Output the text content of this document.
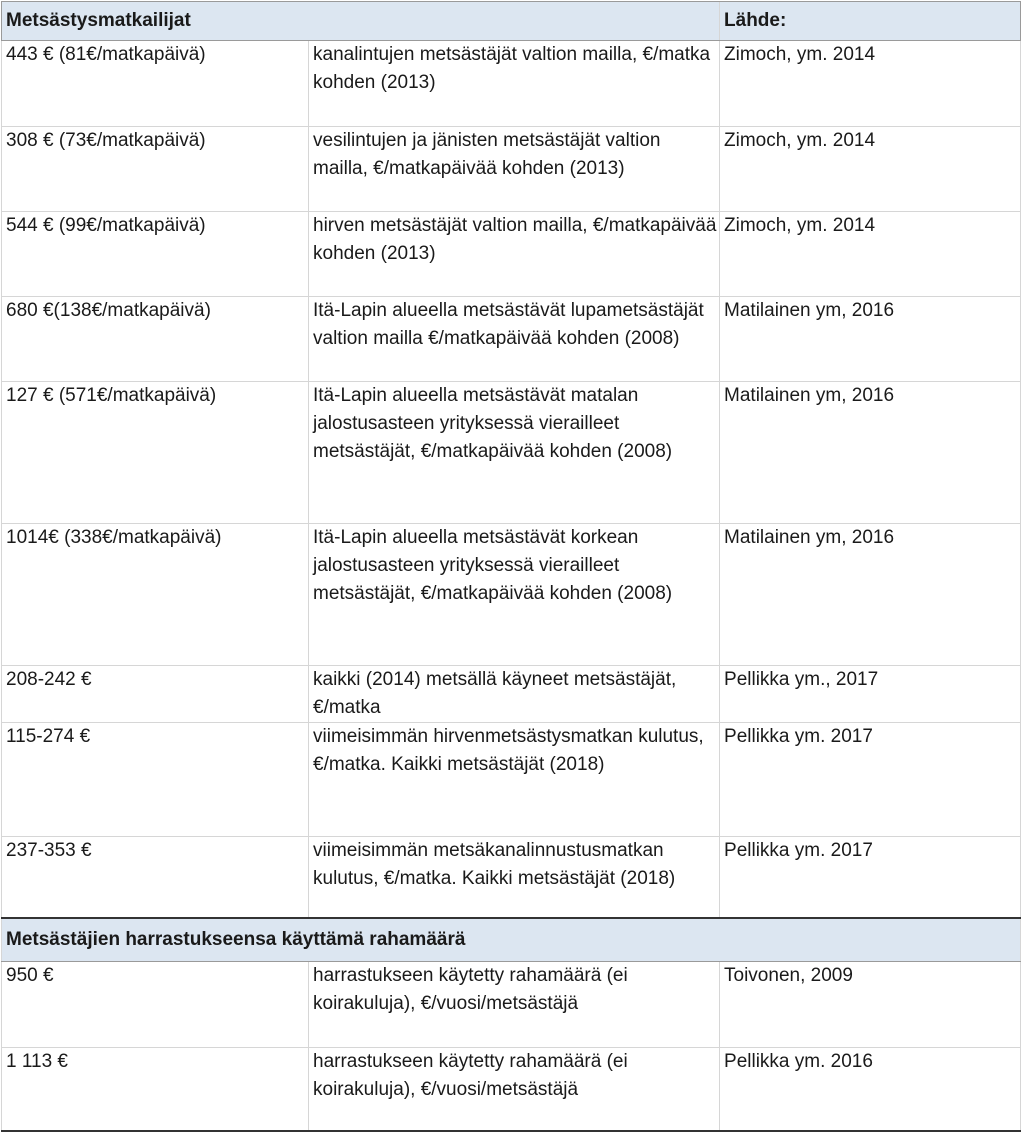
Metsästysmatkailijat		Lähde:
443 € (81€/matkapäivä)	kanalintujen metsästäjät valtion mailla, €/matka kohden (2013)	Zimoch, ym. 2014
308 € (73€/matkapäivä)	vesilintujen ja jänisten metsästäjät valtion mailla, €/matkapäivää kohden (2013)	Zimoch, ym. 2014
544 € (99€/matkapäivä)	hirven metsästäjät valtion mailla, €/matkapäivää kohden (2013)	Zimoch, ym. 2014
680 €(138€/matkapäivä)	Itä-Lapin alueella metsästävät lupametsästäjät valtion mailla €/matkapäivää kohden (2008)	Matilainen ym, 2016
127 € (571€/matkapäivä)	Itä-Lapin alueella metsästävät matalan jalostusasteen yrityksessä vierailleet metsästäjät, €/matkapäivää kohden (2008)	Matilainen ym, 2016
1014€ (338€/matkapäivä)	Itä-Lapin alueella metsästävät korkean jalostusasteen yrityksessä vierailleet metsästäjät, €/matkapäivää kohden (2008)	Matilainen ym, 2016
208-242 €	kaikki (2014) metsällä käyneet metsästäjät, €/matka	Pellikka ym., 2017
115-274 €	viimeisimmän hirvenmetsästysmatkan kulutus, €/matka. Kaikki metsästäjät (2018)	Pellikka ym. 2017
237-353 €	viimeisimmän metsäkanalinnustusmatkan kulutus, €/matka. Kaikki metsästäjät (2018)	Pellikka ym. 2017
Metsästäjien harrastukseensa käyttämä rahamäärä		
950 €	harrastukseen käytetty rahamäärä (ei koirakuluja), €/vuosi/metsästäjä	Toivonen, 2009
1 113 €	harrastukseen käytetty rahamäärä (ei koirakuluja), €/vuosi/metsästäjä	Pellikka ym. 2016
